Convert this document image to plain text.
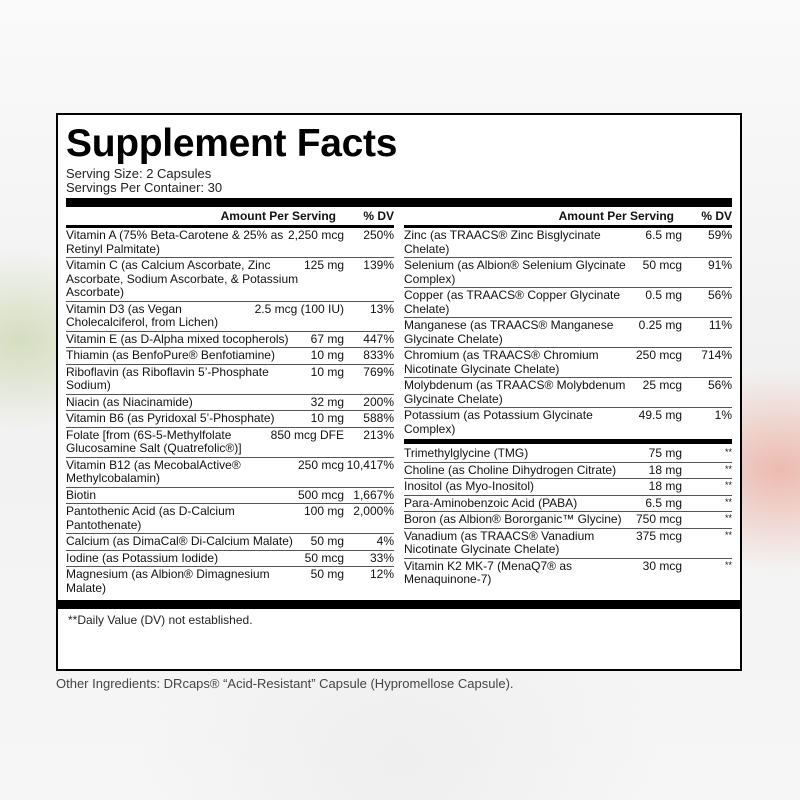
Supplement Facts
Serving Size: 2 Capsules
Servings Per Container: 30
Amount Per Serving	% DV
Vitamin A (75% Beta-Carotene & 25% as Retinyl Palmitate)
2,250 mcg	250%
Vitamin C (as Calcium Ascorbate, Zinc Ascorbate, Sodium Ascorbate, & Potassium Ascorbate)
125 mg	139%
Vitamin D3 (as Vegan Cholecalciferol, from Lichen)
2.5 mcg (100 IU)	13%
Vitamin E (as D-Alpha mixed tocopherols)	67 mg	447%
Thiamin (as BenfoPure® Benfotiamine)	10 mg	833%
Riboflavin (as Riboflavin 5’-Phosphate Sodium)
10 mg	769%
Niacin (as Niacinamide)	32 mg	200%
Vitamin B6 (as Pyridoxal 5’-Phosphate)	10 mg	588%
Folate [from (6S-5-Methylfolate Glucosamine Salt (Quatrefolic®)]
850 mcg DFE	213%
Vitamin B12 (as MecobalActive® Methylcobalamin)
250 mcg 10,417%
Biotin	500 mcg 1,667%
Pantothenic Acid (as D-Calcium Pantothenate)
100 mg 2,000%
Calcium (as DimaCal® Di-Calcium Malate)	50 mg	4%
Iodine (as Potassium Iodide)	50 mcg	33%
Magnesium (as Albion® Dimagnesium Malate)
50 mg	12%
Amount Per Serving	% DV
Zinc (as TRAACS® Zinc Bisglycinate Chelate)
6.5 mg	59%
Selenium (as Albion® Selenium Glycinate Complex)
50 mcg	91%
Copper (as TRAACS® Copper Glycinate Chelate)
0.5 mg	56%
Manganese (as TRAACS® Manganese Glycinate Chelate)
0.25 mg	11%
Chromium (as TRAACS® Chromium Nicotinate Glycinate Chelate)
250 mcg	714%
Molybdenum (as TRAACS® Molybdenum Glycinate Chelate)
25 mcg	56%
Potassium (as Potassium Glycinate Complex)
49.5 mg	1%
Trimethylglycine (TMG)	75 mg	**
Choline (as Choline Dihydrogen Citrate)	18 mg	**
Inositol (as Myo-Inositol)	18 mg	**
Para-Aminobenzoic Acid (PABA)	6.5 mg	**
Boron (as Albion® Bororganic™ Glycine)	750 mcg	**
Vanadium (as TRAACS® Vanadium Nicotinate Glycinate Chelate)
375 mcg	**
Vitamin K2 MK-7 (MenaQ7® as Menaquinone-7)
30 mcg	**
**Daily Value (DV) not established.
Other Ingredients: DRcaps® “Acid-Resistant” Capsule (Hypromellose Capsule).
